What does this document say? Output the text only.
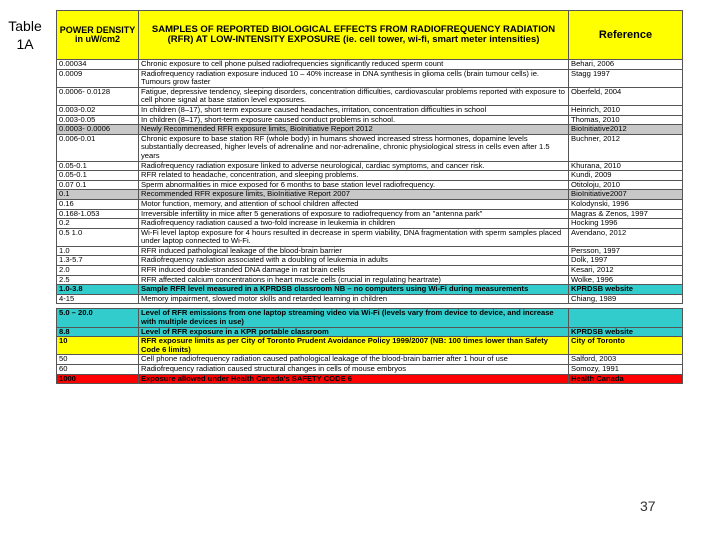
Table
1A
POWER DENSITY in uW/cm2	SAMPLES OF REPORTED BIOLOGICAL EFFECTS FROM RADIOFREQUENCY RADIATION (RFR) AT LOW-INTENSITY EXPOSURE (ie. cell tower, wi-fi, smart meter intensities)	Reference
0.00034	Chronic exposure to cell phone pulsed radiofrequencies significantly reduced sperm count	Behari, 2006
0.0009	Radiofrequency radiation exposure induced 10 – 40% increase in DNA synthesis in glioma cells (brain tumour cells) ie. Tumours grow faster	Stagg 1997
0.0006- 0.0128	Fatigue, depressive tendency, sleeping disorders, concentration difficulties, cardiovascular problems reported with exposure to cell phone signal at base station level exposures.	Oberfeld, 2004
0.003-0.02	In children (8–17), short term exposure caused headaches, irritation, concentration difficulties in school	Heinrich, 2010
0.003-0.05	In children (8–17), short-term exposure caused conduct problems in school.	Thomas, 2010
0.0003- 0.0006	Newly Recommended RFR exposure limits, BioInitiative Report 2012	BioInitiative2012
0.006-0.01	Chronic exposure to base station RF (whole body) in humans showed increased stress hormones, dopamine levels substantially decreased, higher levels of adrenaline and nor-adrenaline, chronic physiological stress in cells even after 1.5 years	Buchner, 2012
0.05-0.1	Radiofrequency radiation exposure linked to adverse neurological, cardiac symptoms, and cancer risk.	Khurana, 2010
0.05-0.1	RFR related to headache, concentration, and sleeping problems.	Kundi, 2009
0.07 0.1	Sperm abnormalities in mice exposed for 6 months to base station level radiofrequency.	Otitoloju, 2010
0.1	Recommended RFR exposure limits, BioInitiative Report 2007	BioInitiative2007
0.16	Motor function, memory, and attention of school children affected	Kolodynski, 1996
0.168-1.053	Irreversible infertility in mice after 5 generations of exposure to radiofrequency from an "antenna park"	Magras & Zenos, 1997
0.2	Radiofrequency radiation caused a two-fold increase in leukemia in children	Hocking 1996
0.5 1.0	Wi-Fi level laptop exposure for 4 hours resulted in decrease in sperm viability, DNA fragmentation with sperm samples placed under laptop connected to Wi-Fi.	Avendano, 2012
1.0	RFR induced pathological leakage of the blood-brain barrier	Persson, 1997
1.3-5.7	Radiofrequency radiation associated with a doubling of leukemia in adults	Dolk, 1997
2.0	RFR induced double-stranded DNA damage in rat brain cells	Kesari, 2012
2.5	RFR affected calcium concentrations in heart muscle cells (crucial in regulating heartrate)	Wolke, 1996
1.0-3.8	Sample RFR level measured in a KPRDSB classroom NB – no computers using Wi-Fi during measurements	KPRDSB website
4-15	Memory impairment, slowed motor skills and retarded learning in children	Chiang, 1989

5.0 – 20.0	Level of RFR emissions from one laptop streaming video via Wi-Fi (levels vary from device to device, and increase with multiple devices in use)	
8.8	Level of RFR exposure in a KPR portable classroom	KPRDSB website
10	RFR exposure limits as per City of Toronto Prudent Avoidance Policy 1999/2007 (NB: 100 times lower than Safety Code 6 limits)	City of Toronto
50	Cell phone radiofrequency radiation caused pathological leakage of the blood-brain barrier after 1 hour of use	Salford, 2003
60	Radiofrequency radiation caused structural changes in cells of mouse embryos	Somozy, 1991
1000	Exposure allowed under Health Canada's SAFETY CODE 6	Health Canada
37
